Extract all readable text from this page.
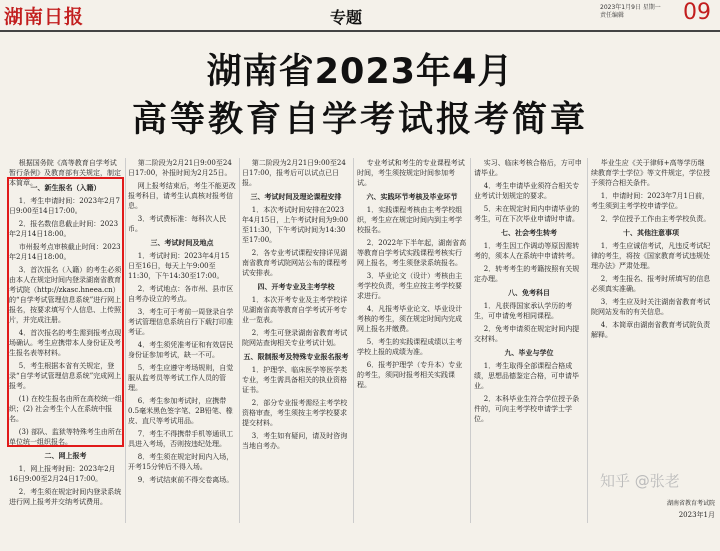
湖南日报	专题
2023年1月9日 星期一
责任编辑	09
湖南省2023年4月
高等教育自学考试报考简章

根据国务院《高等教育自学考试暂行条例》及教育部有关规定，制定本简章。

一、新生报名（入籍）

1．考生申请时间：2023年2月7日9:00至14日17:00。

2．报名数信息截止时间：2023年2月14日18:00。

市州报考点审核截止时间：2023年2月14日18:00。

3．首次报名（入籍）的考生必须由本人在规定时间内登录湖南省教育考试院（http://zkasc.hneeа.cn）的“自学考试管理信息系统”进行网上报名，按要求填写个人信息、上传照片，并完成注册。

4．首次报名的考生需到报考点现场确认。考生应携带本人身份证及考生报名表等材料。

5．考生根据本省有关规定，登录“自学考试管理信息系统”完成网上报考。

(1) 在校生报名由所在高校统一组织；(2) 社会考生个人在系统中报名。

(3) 部队、监狱等特殊考生由所在单位统一组织报名。

二、网上报考

1．网上报考时间：2023年2月16日9:00至2月24日17:00。

2．考生须在规定时间内登录系统进行网上报考并交纳考试费用。

第二阶段为2月21日9:00至24日17:00，补报时间为2月25日。

网上报考结束后，考生不能更改报考科目，请考生认真核对报考信息。

3．考试费标准：每科次人民币。

三、考试时间及地点

1．考试时间：2023年4月15日至16日，每天上午9:00至11:30，下午14:30至17:00。

2．考试地点：各市州、县市区自考办设立的考点。

3．考生可于考前一周登录自学考试管理信息系统自行下载打印准考证。

4．考生须凭准考证和有效居民身份证参加考试，缺一不可。

5．考生应遵守考场规则，自觉服从监考员等考试工作人员的管理。

6．考生参加考试时，应携带0.5毫米黑色签字笔、2B铅笔、橡皮、直尺等考试用品。

7．考生不得携带手机等通讯工具进入考场，否则按违纪处理。

8．考生须在规定时间内入场，开考15分钟后不得入场。

9．考试结束前不得交卷离场。

第二阶段为2月21日9:00至24日17:00，报考后可以试点已日报。

三、考试时间及理论课程安排

1．本次考试时间安排在2023年4月15日，上午考试时间为9:00至11:30，下午考试时间为14:30至17:00。

2．各专业考试课程安排详见湖南省教育考试院网站公布的课程考试安排表。

四、开考专业及主考学校

1．本次开考专业及主考学校详见湖南省高等教育自学考试开考专业一览表。

2．考生可登录湖南省教育考试院网站查询相关专业考试计划。

五、限制报考及特殊专业报名报考

1．护理学、临床医学等医学类专业，考生需具备相关的执业资格证书。

2．部分专业报考需经主考学校资格审查，考生须按主考学校要求提交材料。

3．考生如有疑问，请及时咨询当地自考办。

专业考试和考生的专业课程考试时间，考生须按规定时间参加考试。

六、实践环节考核及毕业环节

1．实践课程考核由主考学校组织，考生应在规定时间内到主考学校报名。

2．2022年下半年起，湖南省高等教育自学考试实践课程考核实行网上报名，考生须登录系统报名。

3．毕业论文（设计）考核由主考学校负责，考生应按主考学校要求进行。

4．凡报考毕业论文、毕业设计考核的考生，须在规定时间内完成网上报名并缴费。

5．考生的实践课程成绩以主考学校上报的成绩为准。

6．报考护理学（专升本）专业的考生，须同时报考相关实践课程。

实习、临床考核合格后，方可申请毕业。

4．考生申请毕业须符合相关专业考试计划规定的要求。

5．未在规定时间内申请毕业的考生，可在下次毕业申请时申请。

七、社会考生转考

1．考生因工作调动等原因需转考的，须本人在系统中申请转考。

2．转考考生的考籍按照有关规定办理。

八、免考科目

1．凡获得国家承认学历的考生，可申请免考相同课程。

2．免考申请须在规定时间内提交材料。

九、毕业与学位

1．考生取得全部课程合格成绩，思想品德鉴定合格，可申请毕业。

2．本科毕业生符合学位授予条件的，可向主考学校申请学士学位。

毕业生应《关于律师+高等学历继续教育学士学位》等文件规定，学位授予须符合相关条件。

1．申请时间：2023年7月1日前，考生须到主考学校申请学位。

2．学位授予工作由主考学校负责。

十、其他注意事项

1．考生应诚信考试，凡违反考试纪律的考生，将按《国家教育考试违规处理办法》严肃处理。

2．考生报名、报考时所填写的信息必须真实准确。

3．考生应及时关注湖南省教育考试院网站发布的有关信息。

4．本简章由湖南省教育考试院负责解释。

知乎 @张老
湖南省教育考试院
2023年1月
